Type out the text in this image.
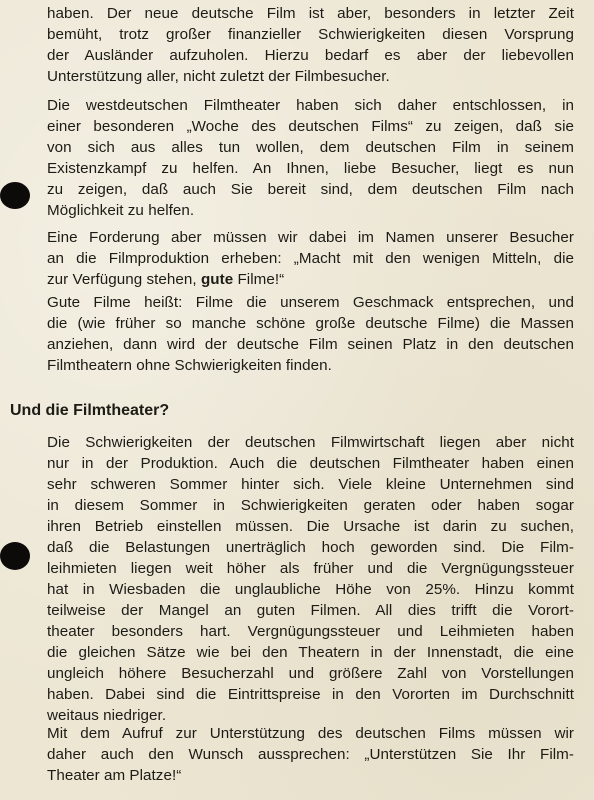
haben. Der neue deutsche Film ist aber, besonders in letzter Zeit
bemüht, trotz großer finanzieller Schwierigkeiten diesen Vorsprung
der Ausländer aufzuholen. Hierzu bedarf es aber der liebevollen
Unterstützung aller, nicht zuletzt der Filmbesucher.
Die westdeutschen Filmtheater haben sich daher entschlossen, in
einer besonderen „Woche des deutschen Films“ zu zeigen, daß sie
von sich aus alles tun wollen, dem deutschen Film in seinem
Existenzkampf zu helfen. An Ihnen, liebe Besucher, liegt es nun
zu zeigen, daß auch Sie bereit sind, dem deutschen Film nach
Möglichkeit zu helfen.
Eine Forderung aber müssen wir dabei im Namen unserer Besucher
an die Filmproduktion erheben: „Macht mit den wenigen Mitteln, die
zur Verfügung stehen, gute Filme!“
Gute Filme heißt: Filme die unserem Geschmack entsprechen, und
die (wie früher so manche schöne große deutsche Filme) die Massen
anziehen, dann wird der deutsche Film seinen Platz in den deutschen
Filmtheatern ohne Schwierigkeiten finden.
Und die Filmtheater?
Die Schwierigkeiten der deutschen Filmwirtschaft liegen aber nicht
nur in der Produktion. Auch die deutschen Filmtheater haben einen
sehr schweren Sommer hinter sich. Viele kleine Unternehmen sind
in diesem Sommer in Schwierigkeiten geraten oder haben sogar
ihren Betrieb einstellen müssen. Die Ursache ist darin zu suchen,
daß die Belastungen unerträglich hoch geworden sind. Die Film-
leihmieten liegen weit höher als früher und die Vergnügungssteuer
hat in Wiesbaden die unglaubliche Höhe von 25%. Hinzu kommt
teilweise der Mangel an guten Filmen. All dies trifft die Vorort-
theater besonders hart. Vergnügungssteuer und Leihmieten haben
die gleichen Sätze wie bei den Theatern in der Innenstadt, die eine
ungleich höhere Besucherzahl und größere Zahl von Vorstellungen
haben. Dabei sind die Eintrittspreise in den Vororten im Durchschnitt
weitaus niedriger.
Mit dem Aufruf zur Unterstützung des deutschen Films müssen wir
daher auch den Wunsch aussprechen: „Unterstützen Sie Ihr Film-
Theater am Platze!“
